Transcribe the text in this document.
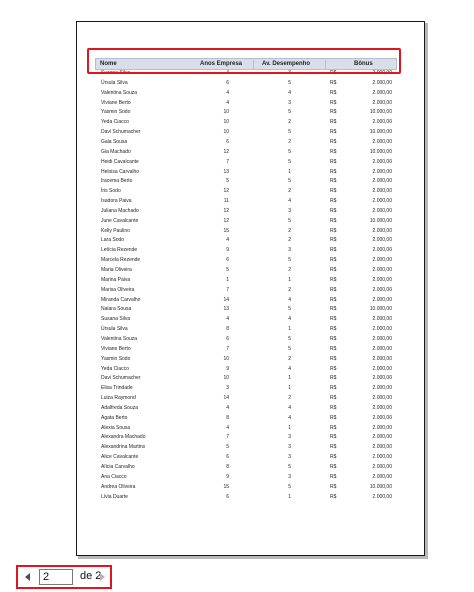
Nome	Anos Empresa	Av. Desempenho	Bônus
Suzana Silva	4	3	R$	2.000,00
Úrsula Silva	6	5	R$	2.000,00
Valentina Souza	4	4	R$	2.000,00
Viviane Berto	4	3	R$	2.000,00
Yasmin Sodo	10	5	R$	10.000,00
Yeda Ciacco	10	2	R$	2.000,00
Davi Schumacher	10	5	R$	10.000,00
Gala Sousa	6	2	R$	2.000,00
Gia Machado	12	5	R$	10.000,00
Heidi Cavalcante	7	5	R$	2.000,00
Heloisa Carvalho	13	1	R$	2.000,00
Iracema Berto	5	5	R$	2.000,00
Íris Sodo	12	2	R$	2.000,00
Isadora Paiva	11	4	R$	2.000,00
Juliana Machado	12	3	R$	2.000,00
June Cavalcante	12	5	R$	10.000,00
Kelly Paulino	15	2	R$	2.000,00
Lara Sodo	4	2	R$	2.000,00
Letícia Rezende	9	3	R$	2.000,00
Marcela Rezende	6	5	R$	2.000,00
Maria Oliveira	5	2	R$	2.000,00
Marina Paiva	1	1	R$	2.000,00
Marisa Oliveira	7	2	R$	2.000,00
Miranda Carvalho	14	4	R$	2.000,00
Nalara Sousa	13	5	R$	10.000,00
Susana Silva	4	4	R$	2.000,00
Úrsula Silva	8	1	R$	2.000,00
Valentina Souza	6	5	R$	2.000,00
Viviane Berto	7	5	R$	2.000,00
Yasmin Sodo	10	2	R$	2.000,00
Yeda Ciacco	9	4	R$	2.000,00
Davi Schumacher	10	1	R$	2.000,00
Elisa Trindade	3	1	R$	2.000,00
Luiza Raymond	14	2	R$	2.000,00
Adalfreda Souza	4	4	R$	2.000,00
Ágata Berto	8	4	R$	2.000,00
Alexia Sousa	4	1	R$	2.000,00
Alexandra Machado	7	3	R$	2.000,00
Alexandrina Martins	5	3	R$	2.000,00
Alice Cavalcante	6	3	R$	2.000,00
Alícia Carvalho	8	5	R$	2.000,00
Ana Ciacco	9	3	R$	2.000,00
Andrea Oliveira	15	5	R$	10.000,00
Lívia Duarte	6	1	R$	2.000,00
2
de 2
